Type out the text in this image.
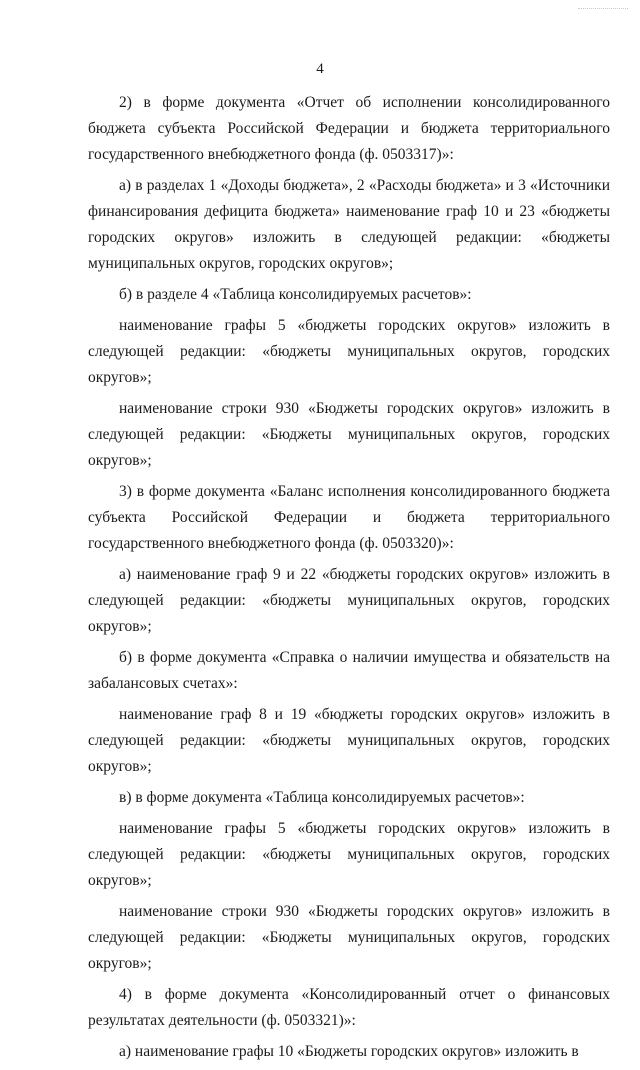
4

2) в форме документа «Отчет об исполнении консолидированного бюджета субъекта Российской Федерации и бюджета территориального государственного внебюджетного фонда (ф. 0503317)»:

а) в разделах 1 «Доходы бюджета», 2 «Расходы бюджета» и 3 «Источники финансирования дефицита бюджета» наименование граф 10 и 23 «бюджеты городских округов» изложить в следующей редакции: «бюджеты муниципальных округов, городских округов»;

б) в разделе 4 «Таблица консолидируемых расчетов»:

наименование графы 5 «бюджеты городских округов» изложить в следующей редакции: «бюджеты муниципальных округов, городских округов»;

наименование строки 930 «Бюджеты городских округов» изложить в следующей редакции: «Бюджеты муниципальных округов, городских округов»;

3) в форме документа «Баланс исполнения консолидированного бюджета субъекта Российской Федерации и бюджета территориального государственного внебюджетного фонда (ф. 0503320)»:

а) наименование граф 9 и 22 «бюджеты городских округов» изложить в следующей редакции: «бюджеты муниципальных округов, городских округов»;

б) в форме документа «Справка о наличии имущества и обязательств на забалансовых счетах»:

наименование граф 8 и 19 «бюджеты городских округов» изложить в следующей редакции: «бюджеты муниципальных округов, городских округов»;

в) в форме документа «Таблица консолидируемых расчетов»:

наименование графы 5 «бюджеты городских округов» изложить в следующей редакции: «бюджеты муниципальных округов, городских округов»;

наименование строки 930 «Бюджеты городских округов» изложить в следующей редакции: «Бюджеты муниципальных округов, городских округов»;

4) в форме документа «Консолидированный отчет о финансовых результатах деятельности (ф. 0503321)»:

а) наименование графы 10 «Бюджеты городских округов» изложить в
